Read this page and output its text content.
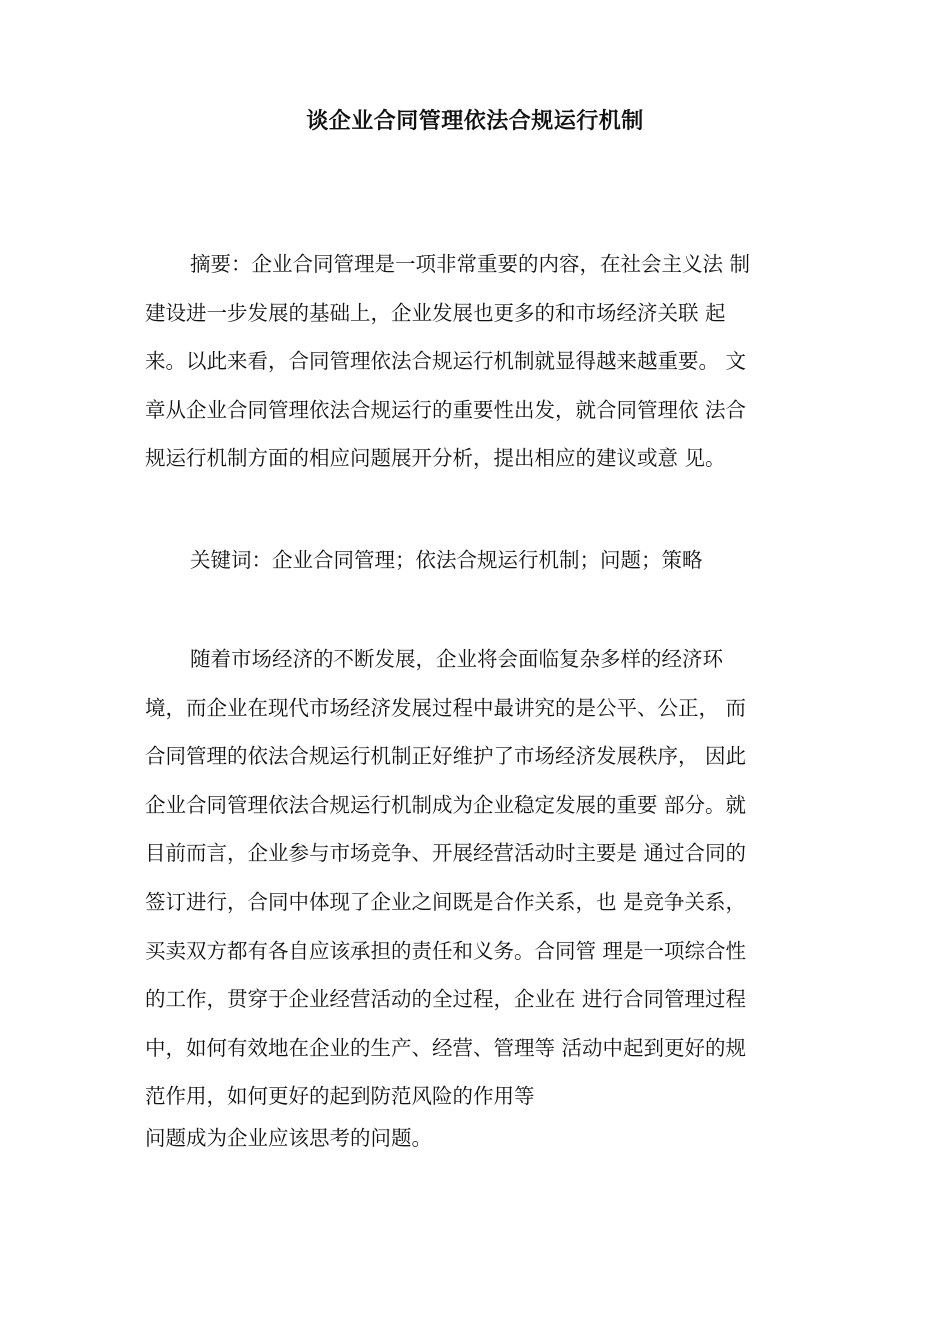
谈企业合同管理依法合规运行机制
摘要：企业合同管理是一项非常重要的内容，在社会主义法 制
建设进一步发展的基础上，企业发展也更多的和市场经济关联 起
来。以此来看，合同管理依法合规运行机制就显得越来越重要。 文
章从企业合同管理依法合规运行的重要性出发，就合同管理依 法合
规运行机制方面的相应问题展开分析，提出相应的建议或意 见。
关键词：企业合同管理；依法合规运行机制；问题；策略
随着市场经济的不断发展，企业将会面临复杂多样的经济环
境，而企业在现代市场经济发展过程中最讲究的是公平、公正， 而
合同管理的依法合规运行机制正好维护了市场经济发展秩序， 因此
企业合同管理依法合规运行机制成为企业稳定发展的重要 部分。就
目前而言，企业参与市场竞争、开展经营活动时主要是 通过合同的
签订进行，合同中体现了企业之间既是合作关系，也 是竞争关系，
买卖双方都有各自应该承担的责任和义务。合同管 理是一项综合性
的工作，贯穿于企业经营活动的全过程，企业在 进行合同管理过程
中，如何有效地在企业的生产、经营、管理等 活动中起到更好的规
范作用，如何更好的起到防范风险的作用等
问题成为企业应该思考的问题。
